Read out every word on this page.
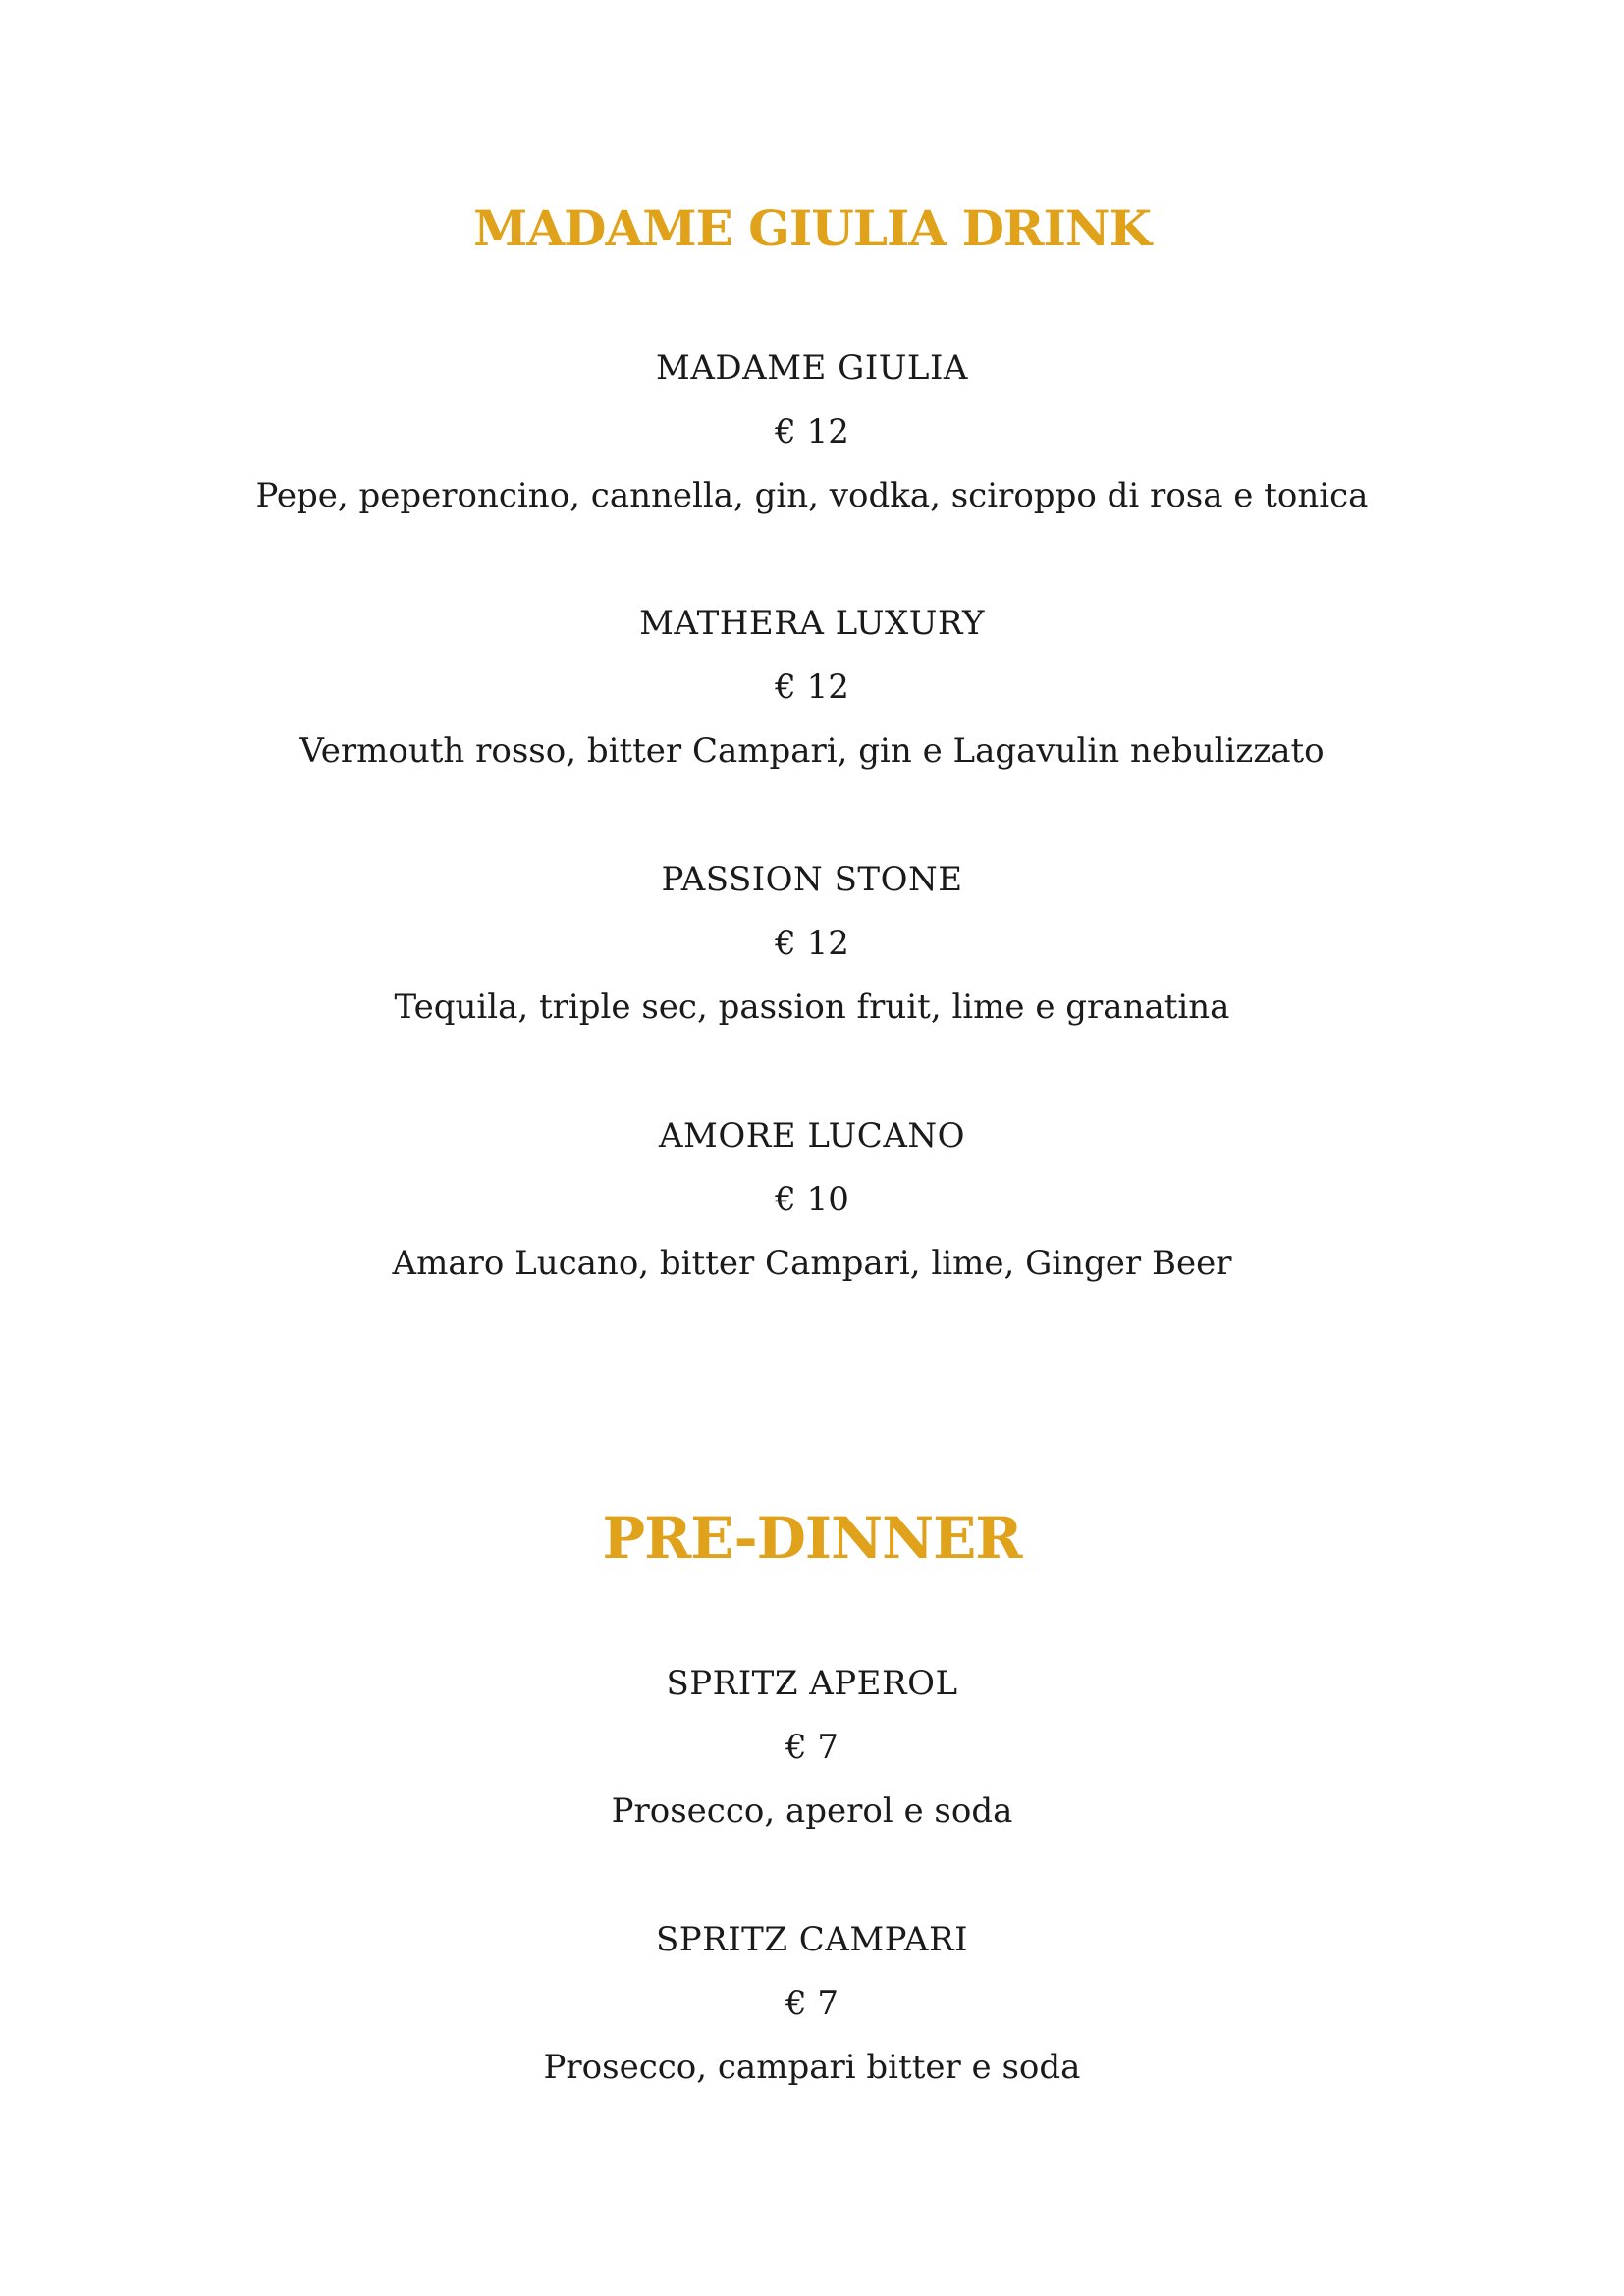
MADAME GIULIA DRINK
MADAME GIULIA
€ 12
Pepe, peperoncino, cannella, gin, vodka, sciroppo di rosa e tonica
MATHERA LUXURY
€ 12
Vermouth rosso, bitter Campari, gin e Lagavulin nebulizzato
PASSION STONE
€ 12
Tequila, triple sec, passion fruit, lime e granatina
AMORE LUCANO
€ 10
Amaro Lucano, bitter Campari, lime, Ginger Beer
PRE-DINNER
SPRITZ APEROL
€ 7
Prosecco, aperol e soda
SPRITZ CAMPARI
€ 7
Prosecco, campari bitter e soda
